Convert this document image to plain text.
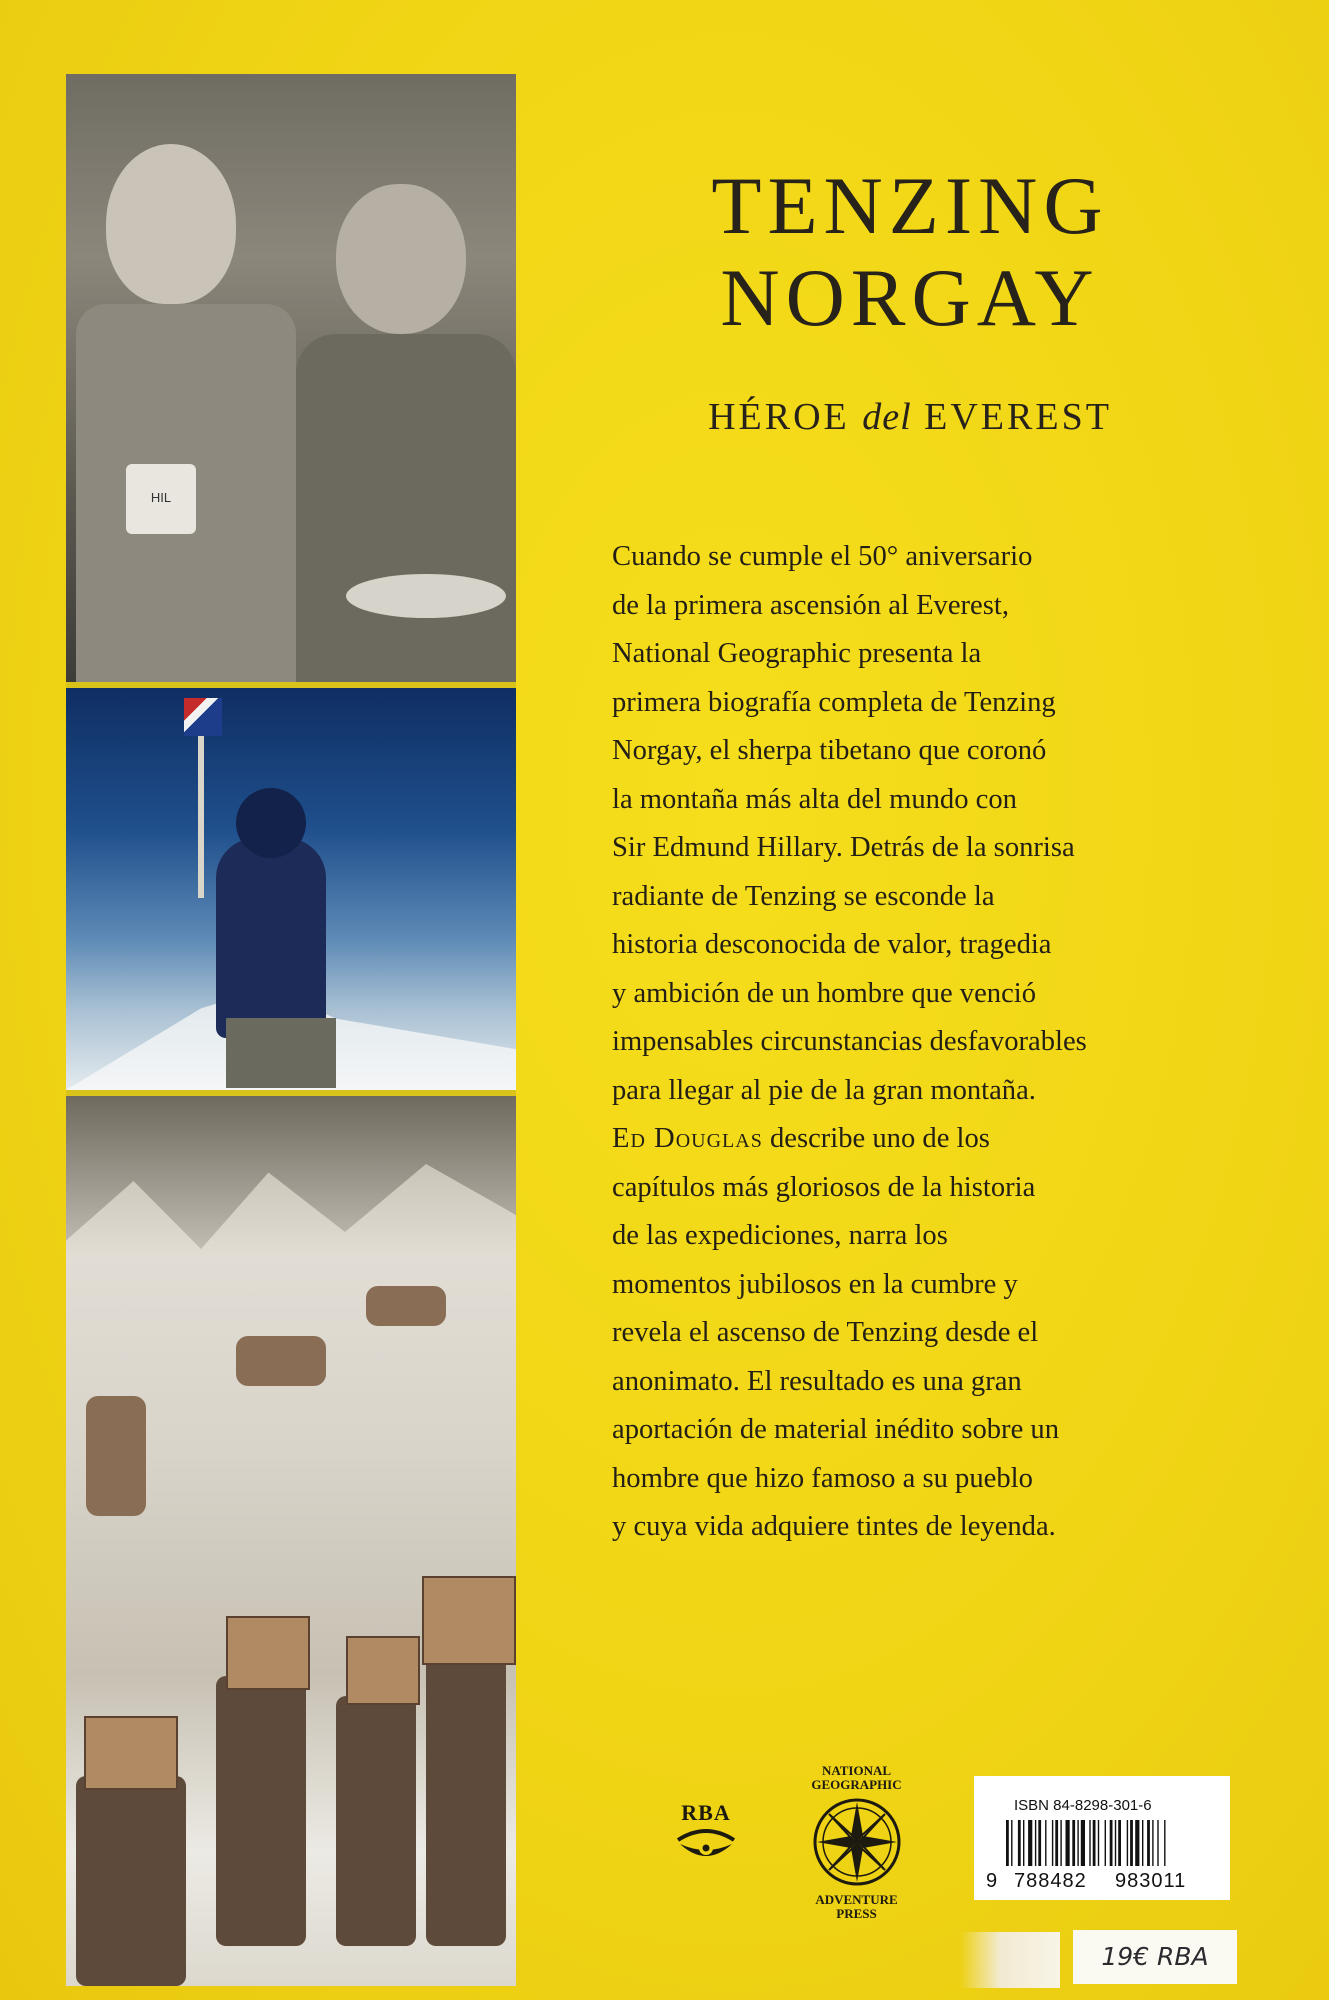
HIL
TENZING
NORGAY

HÉROE del EVEREST

Cuando se cumple el 50° aniversario
de la primera ascensión al Everest,
National Geographic presenta la
primera biografía completa de Tenzing
Norgay, el sherpa tibetano que coronó
la montaña más alta del mundo con
Sir Edmund Hillary. Detrás de la sonrisa
radiante de Tenzing se esconde la
historia desconocida de valor, tragedia
y ambición de un hombre que venció
impensables circunstancias desfavorables
para llegar al pie de la gran montaña.
Ed Douglas describe uno de los
capítulos más gloriosos de la historia
de las expediciones, narra los
momentos jubilosos en la cumbre y
revela el ascenso de Tenzing desde el
anonimato. El resultado es una gran
aportación de material inédito sobre un
hombre que hizo famoso a su pueblo
y cuya vida adquiere tintes de leyenda.

RBA
NATIONAL
GEOGRAPHIC
ADVENTURE
PRESS
ISBN 84-8298-301-6
9 788482 983011
19€ RBA
